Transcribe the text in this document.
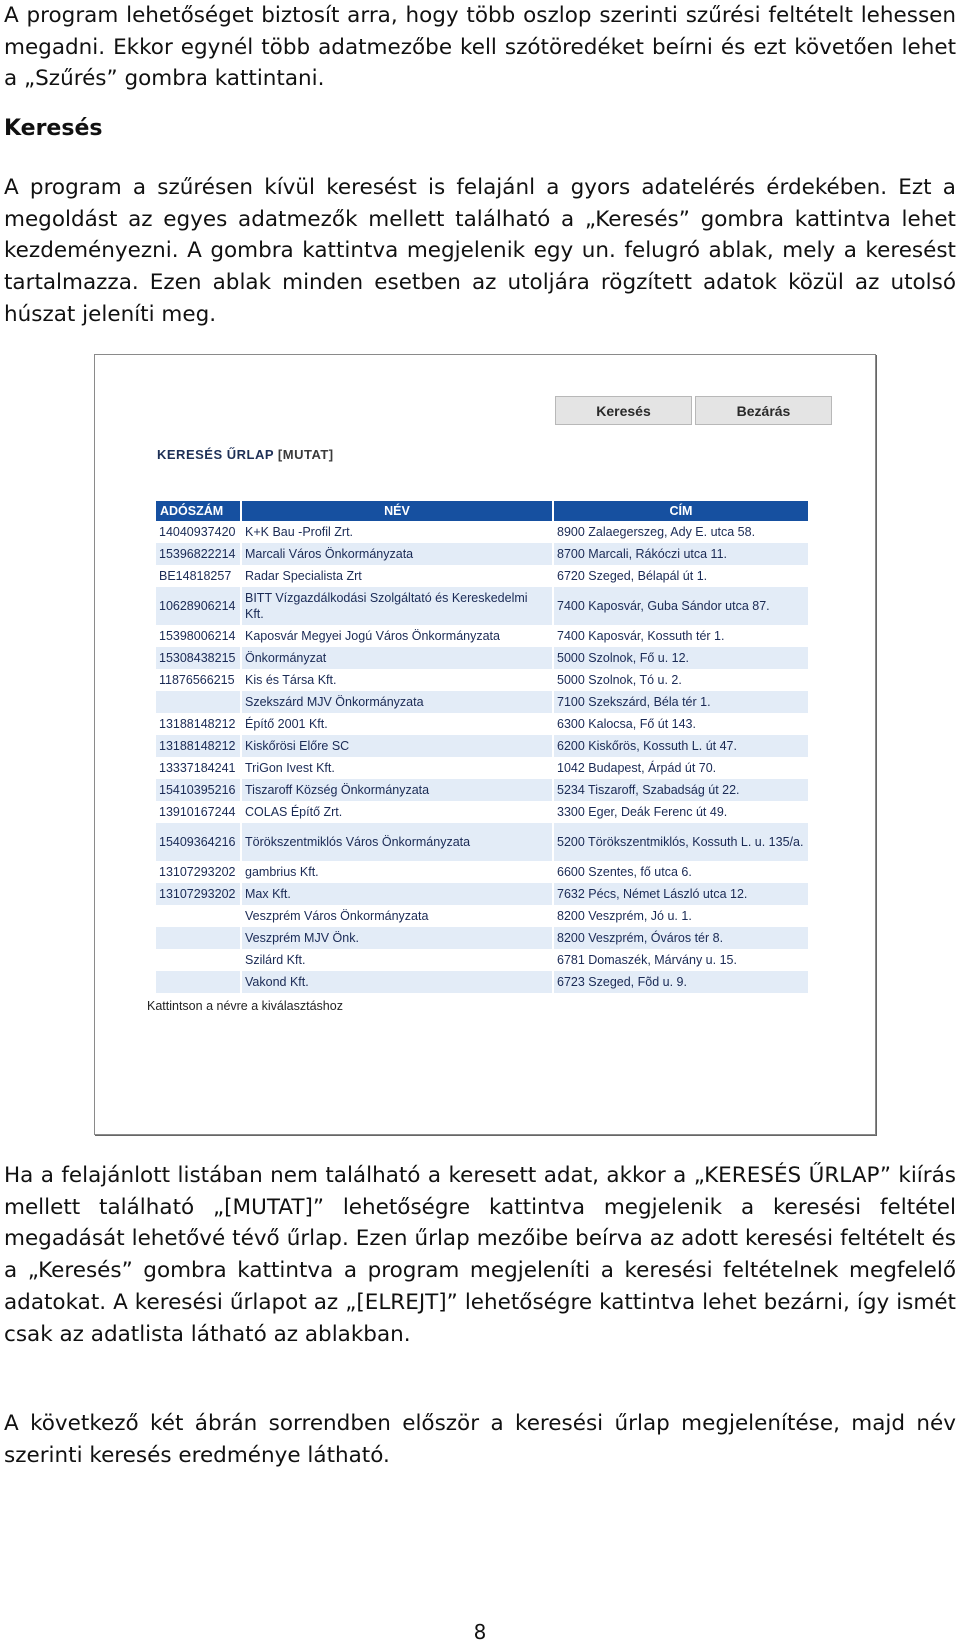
A program lehetőséget biztosít arra, hogy több oszlop szerinti szűrési feltételt lehessen megadni. Ekkor egynél több adatmezőbe kell szótöredéket beírni és ezt követően lehet a „Szűrés” gombra kattintani.

Keresés

A program a szűrésen kívül keresést is felajánl a gyors adatelérés érdekében. Ezt a megoldást az egyes adatmezők mellett található a „Keresés” gombra kattintva lehet kezdeményezni. A gombra kattintva megjelenik egy un. felugró ablak, mely a keresést tartalmazza. Ezen ablak minden esetben az utoljára rögzített adatok közül az utolsó húszat jeleníti meg.

Keresés	Bezárás
KERESÉS ŰRLAP [MUTAT]
ADÓSZÁM	NÉV	CÍM
14040937420	K+K Bau -Profil Zrt.	8900 Zalaegerszeg, Ady E. utca 58.
15396822214	Marcali Város Önkormányzata	8700 Marcali, Rákóczi utca 11.
BE14818257	Radar Specialista Zrt	6720 Szeged, Bélapál út 1.
10628906214	BITT Vízgazdálkodási Szolgáltató és Kereskedelmi Kft.	7400 Kaposvár, Guba Sándor utca 87.
15398006214	Kaposvár Megyei Jogú Város Önkormányzata	7400 Kaposvár, Kossuth tér 1.
15308438215	Önkormányzat	5000 Szolnok, Fő u. 12.
11876566215	Kis és Társa Kft.	5000 Szolnok, Tó u. 2.
	Szekszárd MJV Önkormányzata	7100 Szekszárd, Béla tér 1.
13188148212	Építő 2001 Kft.	6300 Kalocsa, Fő út 143.
13188148212	Kiskőrösi Előre SC	6200 Kiskőrös, Kossuth L. út 47.
13337184241	TriGon Ivest Kft.	1042 Budapest, Árpád út 70.
15410395216	Tiszaroff Község Önkormányzata	5234 Tiszaroff, Szabadság út 22.
13910167244	COLAS Építő Zrt.	3300 Eger, Deák Ferenc út 49.
15409364216	Törökszentmiklós Város Önkormányzata	5200 Törökszentmiklós, Kossuth L. u. 135/a.
13107293202	gambrius Kft.	6600 Szentes, fő utca 6.
13107293202	Max Kft.	7632 Pécs, Német László utca 12.
	Veszprém Város Önkormányzata	8200 Veszprém, Jó u. 1.
	Veszprém MJV Önk.	8200 Veszprém, Óváros tér 8.
	Szilárd Kft.	6781 Domaszék, Márvány u. 15.
	Vakond Kft.	6723 Szeged, Fõd u. 9.
Kattintson a névre a kiválasztáshoz

Ha a felajánlott listában nem található a keresett adat, akkor a „KERESÉS ŰRLAP” kiírás mellett található „[MUTAT]” lehetőségre kattintva megjelenik a keresési feltétel megadását lehetővé tévő űrlap. Ezen űrlap mezőibe beírva az adott keresési feltételt és a „Keresés” gombra kattintva a program megjeleníti a keresési feltételnek megfelelő adatokat. A keresési űrlapot az „[ELREJT]” lehetőségre kattintva lehet bezárni, így ismét csak az adatlista látható az ablakban.

A következő két ábrán sorrendben először a keresési űrlap megjelenítése, majd név szerinti keresés eredménye látható.

8
